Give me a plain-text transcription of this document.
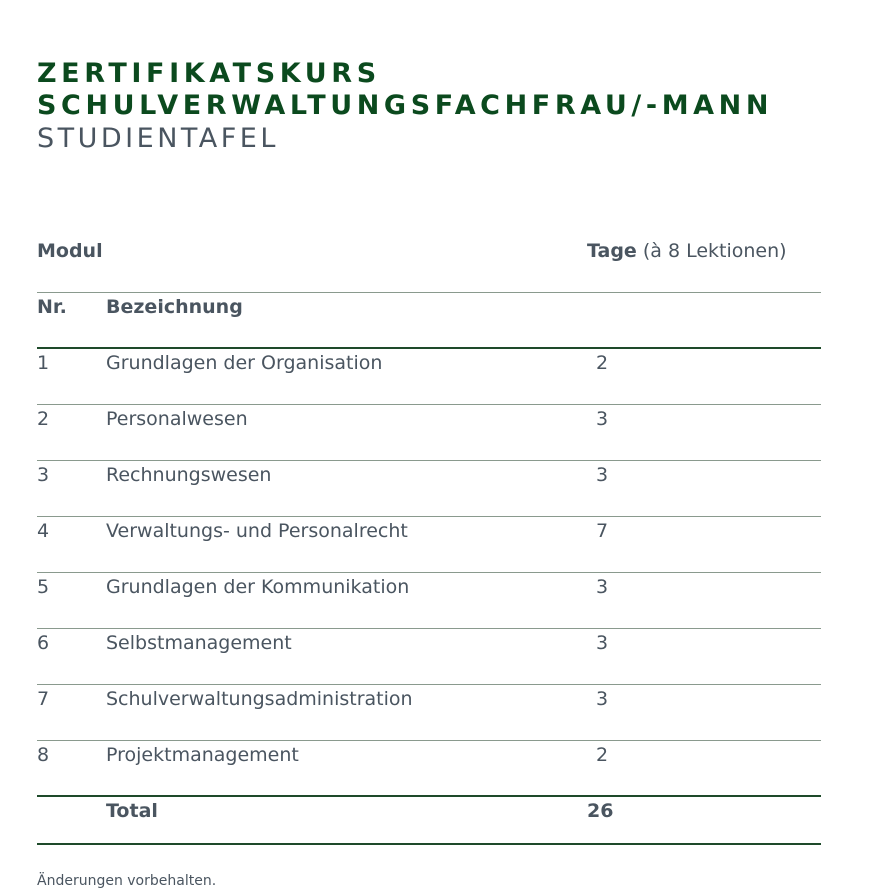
ZERTIFIKATSKURS
SCHULVERWALTUNGSFACHFRAU/-MANN
STUDIENTAFEL
Modul	Tage (à 8 Lektionen)
Nr. Bezeichnung
1	Grundlagen der Organisation	2
2	Personalwesen	3
3	Rechnungswesen	3
4	Verwaltungs- und Personalrecht	7
5	Grundlagen der Kommunikation	3
6	Selbstmanagement	3
7	Schulverwaltungsadministration	3
8	Projektmanagement	2
Total	26
Änderungen vorbehalten.
